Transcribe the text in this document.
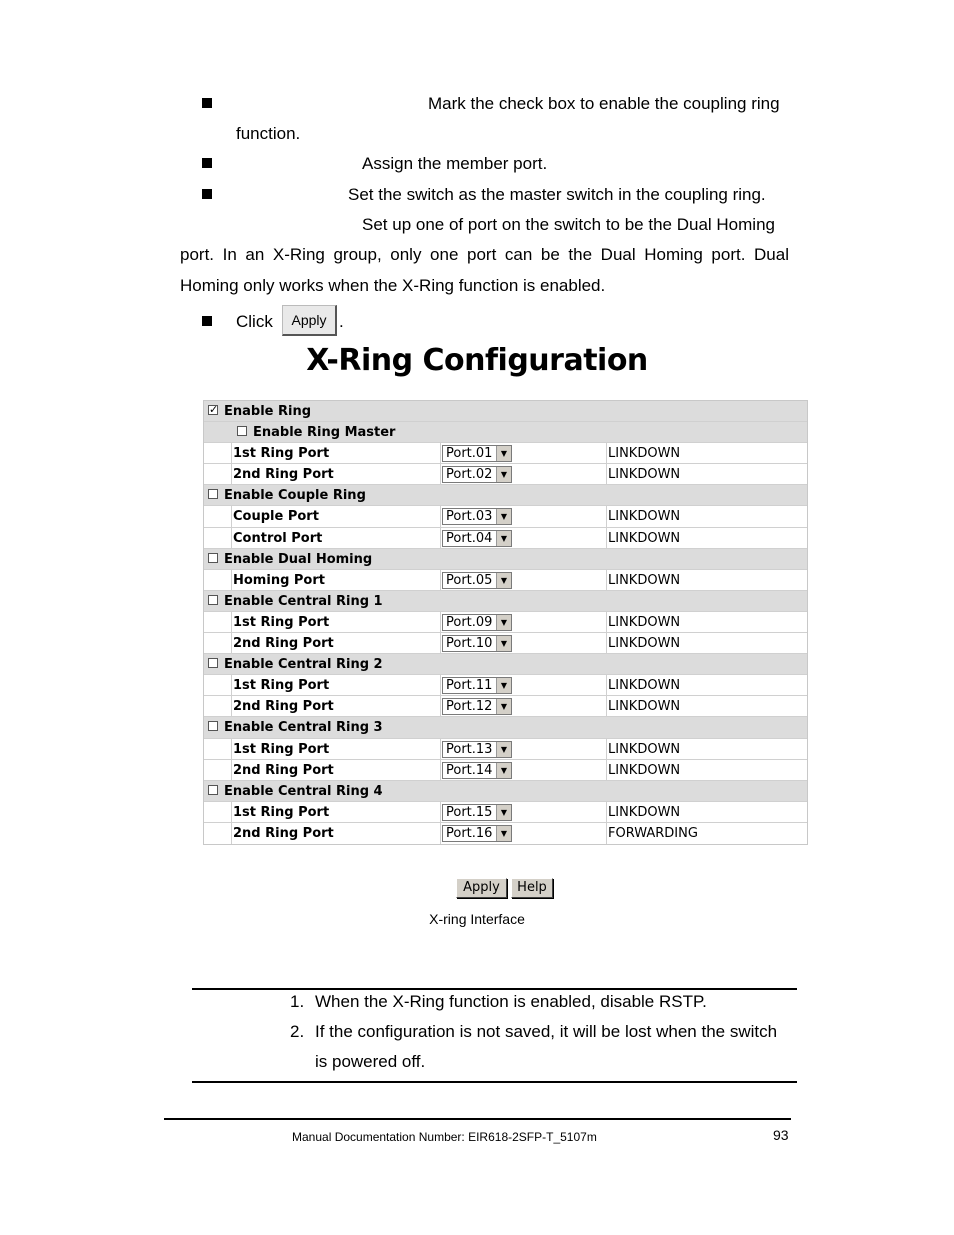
Mark the check box to enable the coupling ring
function.
Assign the member port.
Set the switch as the master switch in the coupling ring.
Set up one of port on the switch to be the Dual Homing
port. In an X-Ring group, only one port can be the Dual Homing port. Dual
Homing only works when the X-Ring function is enabled.
Click	Apply .
X-Ring Configuration
✓ Enable Ring
Enable Ring Master
1st Ring Port	Port.01	▼	LINKDOWN
2nd Ring Port	Port.02	▼	LINKDOWN
Enable Couple Ring
Couple Port	Port.03	▼	LINKDOWN
Control Port	Port.04	▼	LINKDOWN
Enable Dual Homing
Homing Port	Port.05	▼	LINKDOWN
Enable Central Ring 1
1st Ring Port	Port.09	▼	LINKDOWN
2nd Ring Port	Port.10	▼	LINKDOWN
Enable Central Ring 2
1st Ring Port	Port.11	▼	LINKDOWN
2nd Ring Port	Port.12	▼	LINKDOWN
Enable Central Ring 3
1st Ring Port	Port.13	▼	LINKDOWN
2nd Ring Port	Port.14	▼	LINKDOWN
Enable Central Ring 4
1st Ring Port	Port.15	▼	LINKDOWN
2nd Ring Port	Port.16	▼	FORWARDING
Apply	Help
X-ring Interface
1. When the X-Ring function is enabled, disable RSTP.
2. If the configuration is not saved, it will be lost when the switch
is powered off.
Manual Documentation Number: EIR618-2SFP-T_5107m	93
